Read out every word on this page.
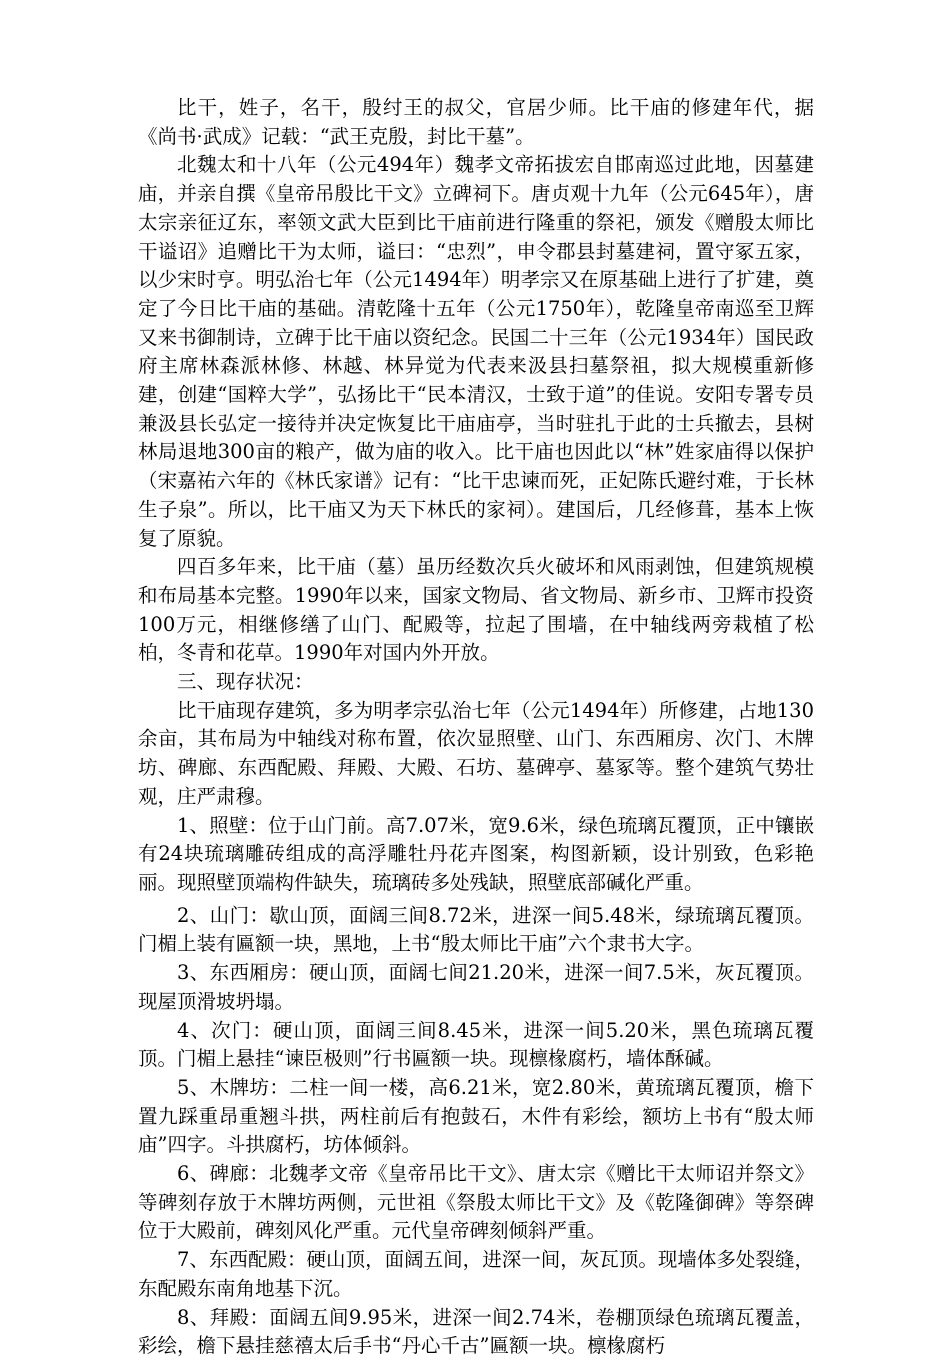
比干，姓子，名干，殷纣王的叔父，官居少师。比干庙的修建年代，据《尚书·武成》记载：“武王克殷，封比干墓”。

北魏太和十八年（公元494年）魏孝文帝拓拔宏自邯南巡过此地，因墓建庙，并亲自撰《皇帝吊殷比干文》立碑祠下。唐贞观十九年（公元645年），唐太宗亲征辽东，率领文武大臣到比干庙前进行隆重的祭祀，颁发《赠殷太师比干谥诏》追赠比干为太师，谥曰：“忠烈”，申令郡县封墓建祠，置守冢五家，以少宋时亨。明弘治七年（公元1494年）明孝宗又在原基础上进行了扩建，奠定了今日比干庙的基础。清乾隆十五年（公元1750年），乾隆皇帝南巡至卫辉又来书御制诗，立碑于比干庙以资纪念。民国二十三年（公元1934年）国民政府主席林森派林修、林越、林异觉为代表来汲县扫墓祭祖，拟大规模重新修建，创建“国粹大学”，弘扬比干“民本清汉，士致于道”的佳说。安阳专署专员兼汲县长弘定一接待并决定恢复比干庙庙亭，当时驻扎于此的士兵撤去，县树林局退地300亩的粮产，做为庙的收入。比干庙也因此以“林”姓家庙得以保护（宋嘉祐六年的《林氏家谱》记有：“比干忠谏而死，正妃陈氏避纣难，于长林生子泉”。所以，比干庙又为天下林氏的家祠）。建国后，几经修葺，基本上恢复了原貌。

四百多年来，比干庙（墓）虽历经数次兵火破坏和风雨剥蚀，但建筑规模和布局基本完整。1990年以来，国家文物局、省文物局、新乡市、卫辉市投资100万元，相继修缮了山门、配殿等，拉起了围墙，在中轴线两旁栽植了松柏，冬青和花草。1990年对国内外开放。

三、现存状况：

比干庙现存建筑，多为明孝宗弘治七年（公元1494年）所修建，占地130余亩，其布局为中轴线对称布置，依次显照壁、山门、东西厢房、次门、木牌坊、碑廊、东西配殿、拜殿、大殿、石坊、墓碑亭、墓冢等。整个建筑气势壮观，庄严肃穆。

1、照壁：位于山门前。高7.07米，宽9.6米，绿色琉璃瓦覆顶，正中镶嵌有24块琉璃雕砖组成的高浮雕牡丹花卉图案，构图新颖，设计别致，色彩艳丽。现照壁顶端构件缺失，琉璃砖多处残缺，照壁底部碱化严重。

2、山门：歇山顶，面阔三间8.72米，进深一间5.48米，绿琉璃瓦覆顶。门楣上装有匾额一块，黑地，上书“殷太师比干庙”六个隶书大字。

3、东西厢房：硬山顶，面阔七间21.20米，进深一间7.5米，灰瓦覆顶。现屋顶滑坡坍塌。

4、次门：硬山顶，面阔三间8.45米，进深一间5.20米，黑色琉璃瓦覆顶。门楣上悬挂“谏臣极则”行书匾额一块。现檩椽腐朽，墙体酥碱。

5、木牌坊：二柱一间一楼，高6.21米，宽2.80米，黄琉璃瓦覆顶，檐下置九踩重昂重翘斗拱，两柱前后有抱鼓石，木件有彩绘，额坊上书有“殷太师庙”四字。斗拱腐朽，坊体倾斜。

6、碑廊：北魏孝文帝《皇帝吊比干文》、唐太宗《赠比干太师诏并祭文》等碑刻存放于木牌坊两侧，元世祖《祭殷太师比干文》及《乾隆御碑》等祭碑位于大殿前，碑刻风化严重。元代皇帝碑刻倾斜严重。

7、东西配殿：硬山顶，面阔五间，进深一间，灰瓦顶。现墙体多处裂缝，东配殿东南角地基下沉。

8、拜殿：面阔五间9.95米，进深一间2.74米，卷棚顶绿色琉璃瓦覆盖，彩绘，檐下悬挂慈禧太后手书“丹心千古”匾额一块。檩椽腐朽
